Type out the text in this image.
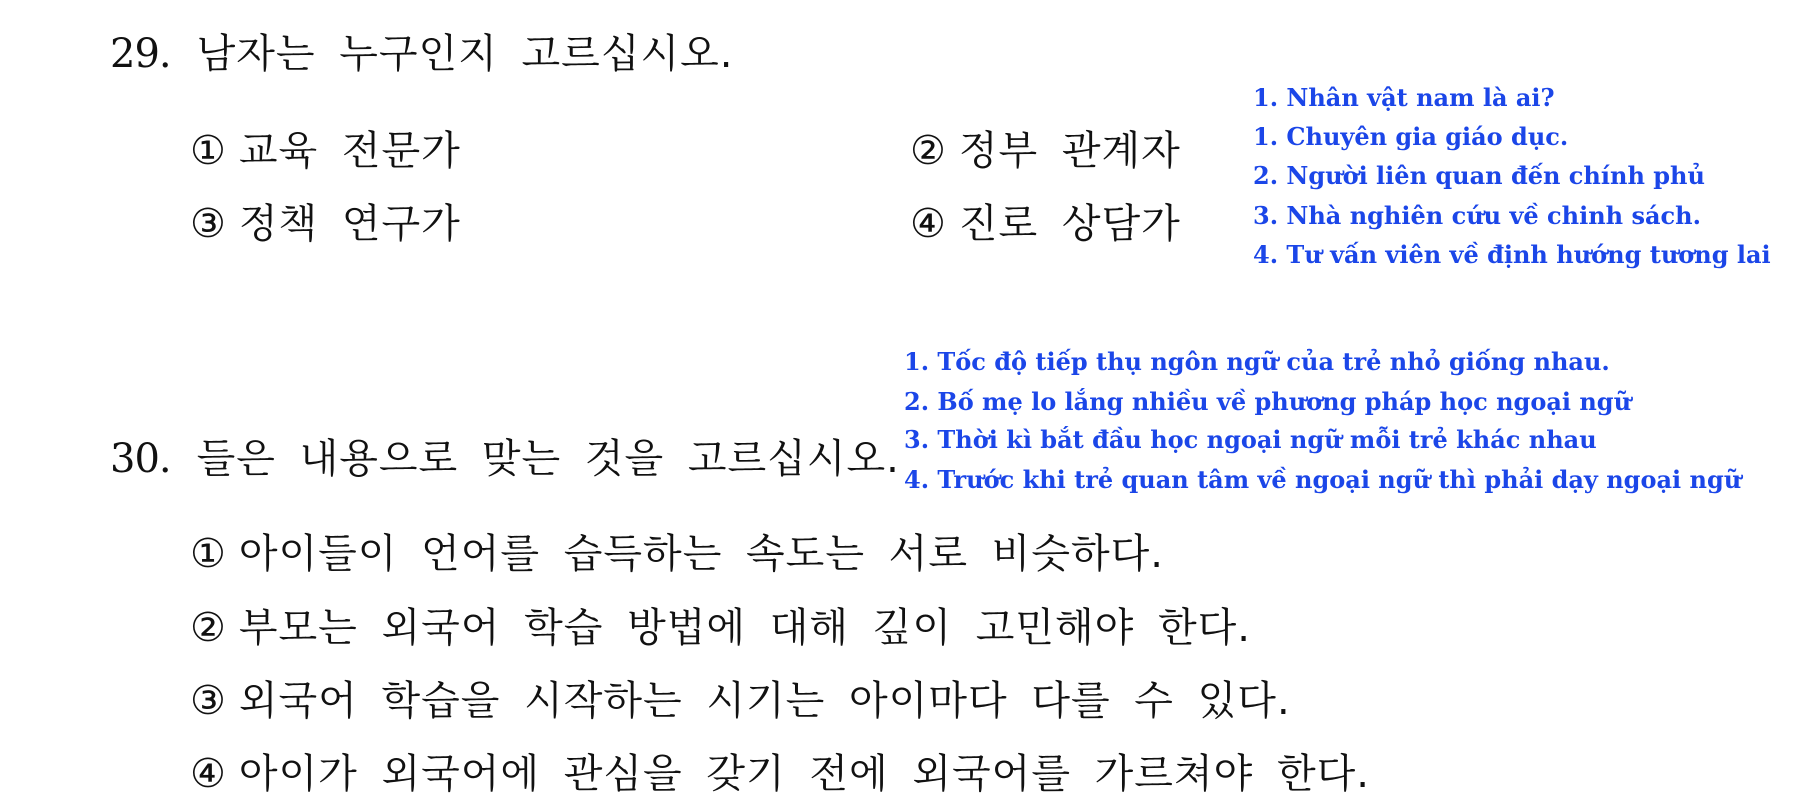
29. 남자는 누구인지 고르십시오.
① 교육 전문가	② 정부 관계자
③ 정책 연구가	④ 진로 상담가
1. Nhân vật nam là ai?
1. Chuyên gia giáo dục.
2. Người liên quan đến chính phủ
3. Nhà nghiên cứu về chinh sách.
4. Tư vấn viên về định hướng tương lai
1. Tốc độ tiếp thụ ngôn ngữ của trẻ nhỏ giống nhau.
2. Bố mẹ lo lắng nhiều về phương pháp học ngoại ngữ
3. Thời kì bắt đầu học ngoại ngữ mỗi trẻ khác nhau
4. Trước khi trẻ quan tâm về ngoại ngữ thì phải dạy ngoại ngữ
30. 들은 내용으로 맞는 것을 고르십시오.
① 아이들이 언어를 습득하는 속도는 서로 비슷하다.
② 부모는 외국어 학습 방법에 대해 깊이 고민해야 한다.
③ 외국어 학습을 시작하는 시기는 아이마다 다를 수 있다.
④ 아이가 외국어에 관심을 갖기 전에 외국어를 가르쳐야 한다.
